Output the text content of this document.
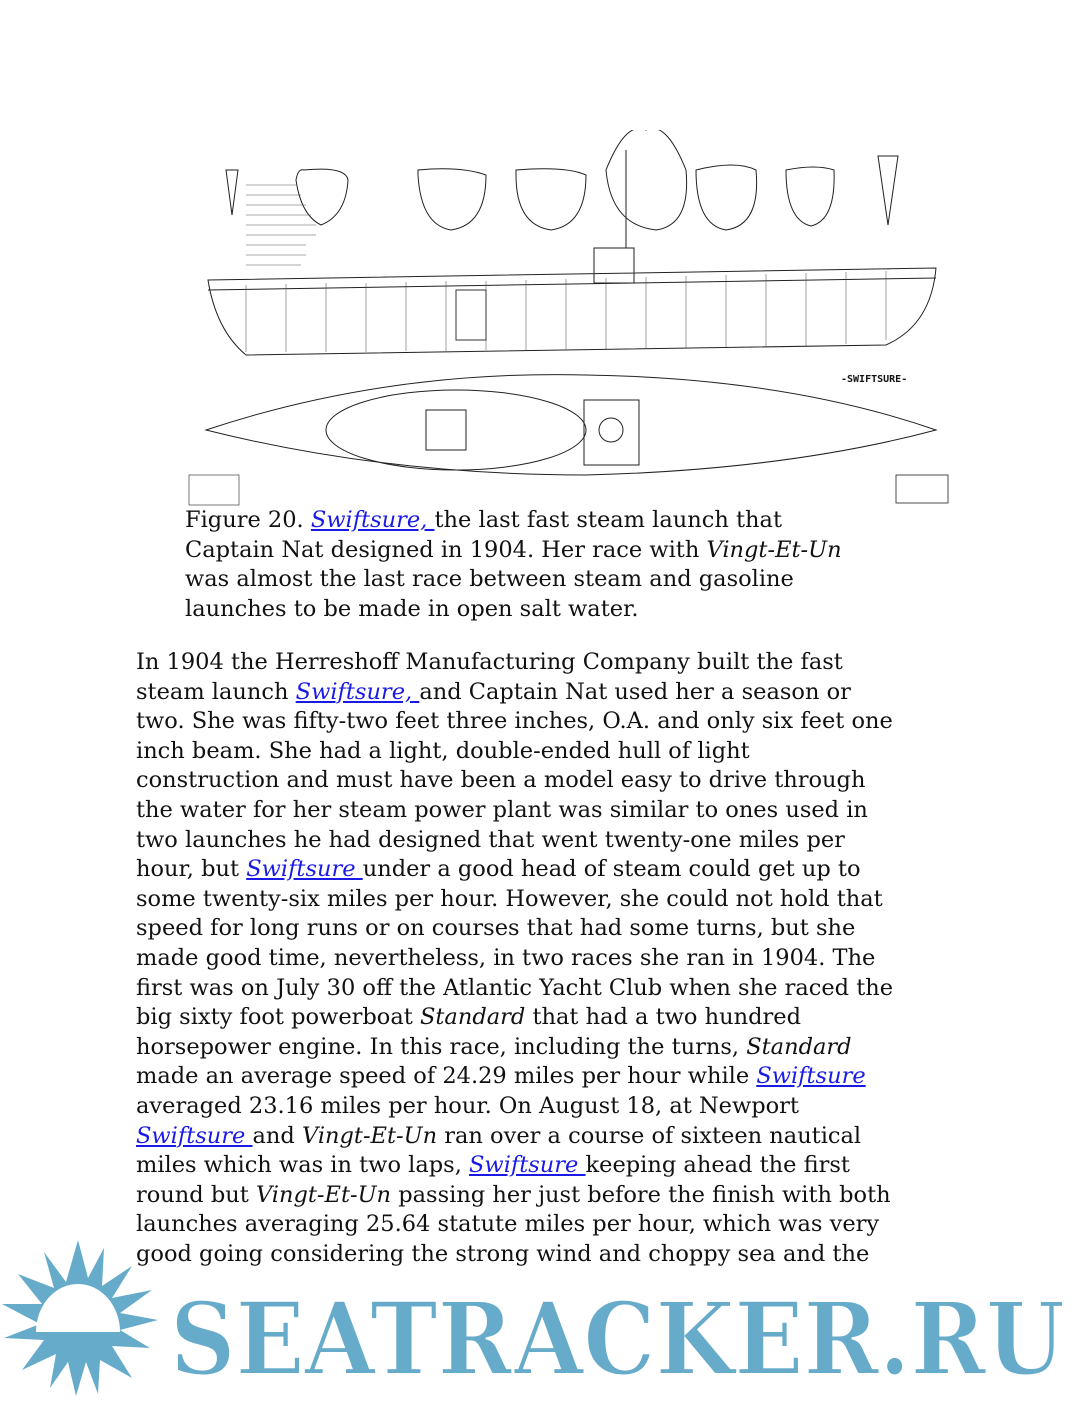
-SWIFTSURE-
Figure 20. Swiftsure, the last fast steam launch that
Captain Nat designed in 1904. Her race with Vingt-Et-Un
was almost the last race between steam and gasoline
launches to be made in open salt water.
In 1904 the Herreshoff Manufacturing Company built the fast
steam launch Swiftsure, and Captain Nat used her a season or
two. She was fifty-two feet three inches, O.A. and only six feet one
inch beam. She had a light, double-ended hull of light
construction and must have been a model easy to drive through
the water for her steam power plant was similar to ones used in
two launches he had designed that went twenty-one miles per
hour, but Swiftsure under a good head of steam could get up to
some twenty-six miles per hour. However, she could not hold that
speed for long runs or on courses that had some turns, but she
made good time, nevertheless, in two races she ran in 1904. The
first was on July 30 off the Atlantic Yacht Club when she raced the
big sixty foot powerboat Standard that had a two hundred
horsepower engine. In this race, including the turns, Standard
made an average speed of 24.29 miles per hour while Swiftsure
averaged 23.16 miles per hour. On August 18, at Newport
Swiftsure and Vingt-Et-Un ran over a course of sixteen nautical
miles which was in two laps, Swiftsure keeping ahead the first
round but Vingt-Et-Un passing her just before the finish with both
launches averaging 25.64 statute miles per hour, which was very
good going considering the strong wind and choppy sea and the
SEATRACKER.RU
